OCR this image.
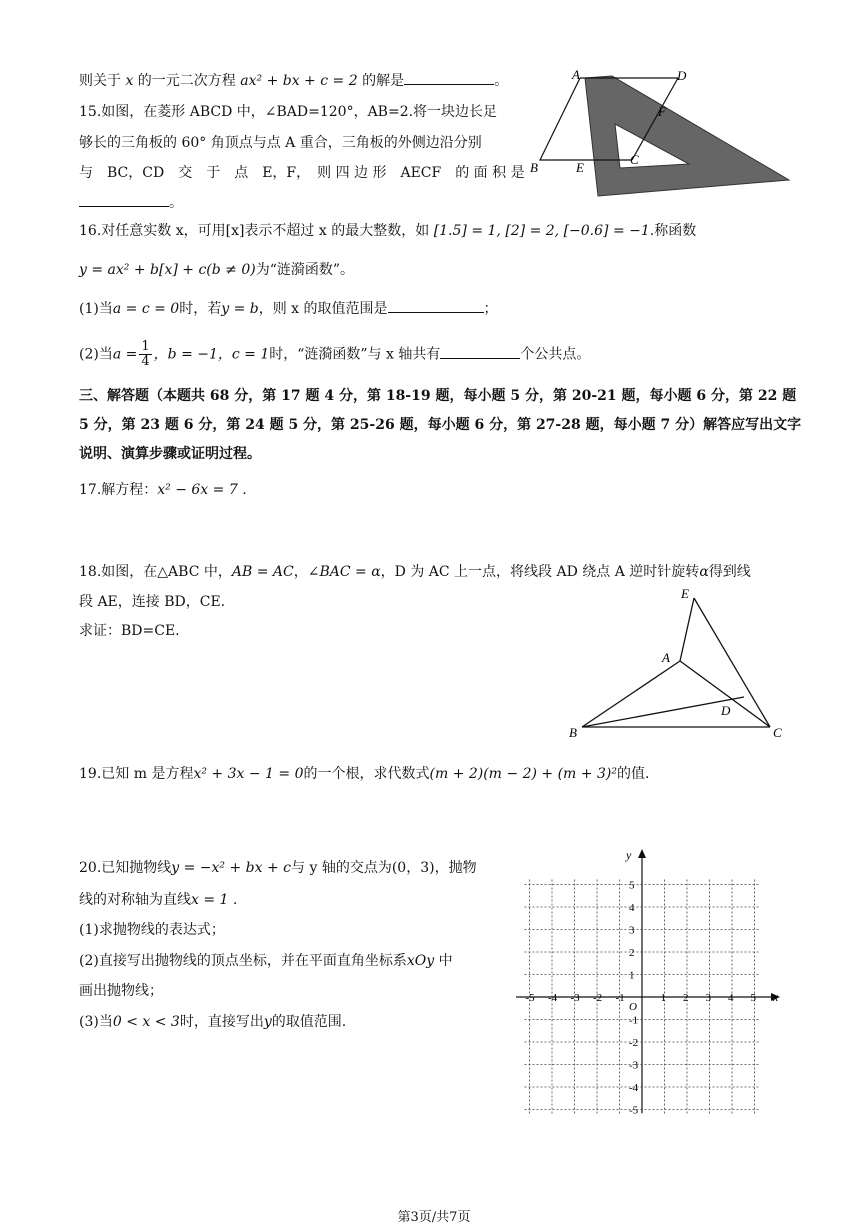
则关于 x 的一元二次方程 ax² + bx + c = 2 的解是	。
15.如图，在菱形 ABCD 中，∠BAD=120°，AB=2.将一块边长足
够长的三角板的 60° 角顶点与点 A 重合，三角板的外侧边沿分别
与　BC，CD　交　于　点　E，F，　则 四 边 形　AECF　的 面 积 是
。
A	D
F
B	E
C
16.对任意实数 x，可用[x]表示不超过 x 的最大整数，如 [1.5] = 1, [2] = 2, [−0.6] = −1.称函数
y = ax² + b[x] + c(b ≠ 0)为“涟漪函数”。
(1)当a = c = 0时，若y = b，则 x 的取值范围是	；
(2)当$a = \frac{1}{4}$ ，b = −1，c = 1时，“涟漪函数”与 x 轴共有	个公共点。
三、解答题（本题共 68 分，第 17 题 4 分，第 18-19 题，每小题 5 分，第 20-21 题，每小题 6 分，第 22 题
5 分，第 23 题 6 分，第 24 题 5 分，第 25-26 题，每小题 6 分，第 27-28 题，每小题 7 分）解答应写出文字
说明、演算步骤或证明过程。
17.解方程：x² − 6x = 7 .
18.如图，在△ABC 中，AB = AC，∠BAC = α，D 为 AC 上一点，将线段 AD 绕点 A 逆时针旋转α得到线
段 AE，连接 BD，CE.
求证：BD=CE.
E
A
D
B	C
19.已知 m 是方程x² + 3x − 1 = 0的一个根，求代数式(m + 2)(m − 2) + (m + 3)²的值.
20.已知抛物线y = −x² + bx + c与 y 轴的交点为(0，3)，抛物
线的对称轴为直线x = 1 .
(1)求抛物线的表达式；
(2)直接写出抛物线的顶点坐标，并在平面直角坐标系xOy 中
画出抛物线；
(3)当0 < x < 3时，直接写出y的取值范围.
x
y
O
-5 -4 -3 -2 -1	1 2 3 4 5
5
4
3
2
1
-1
-2
-3
-4
-5
第3页/共7页
